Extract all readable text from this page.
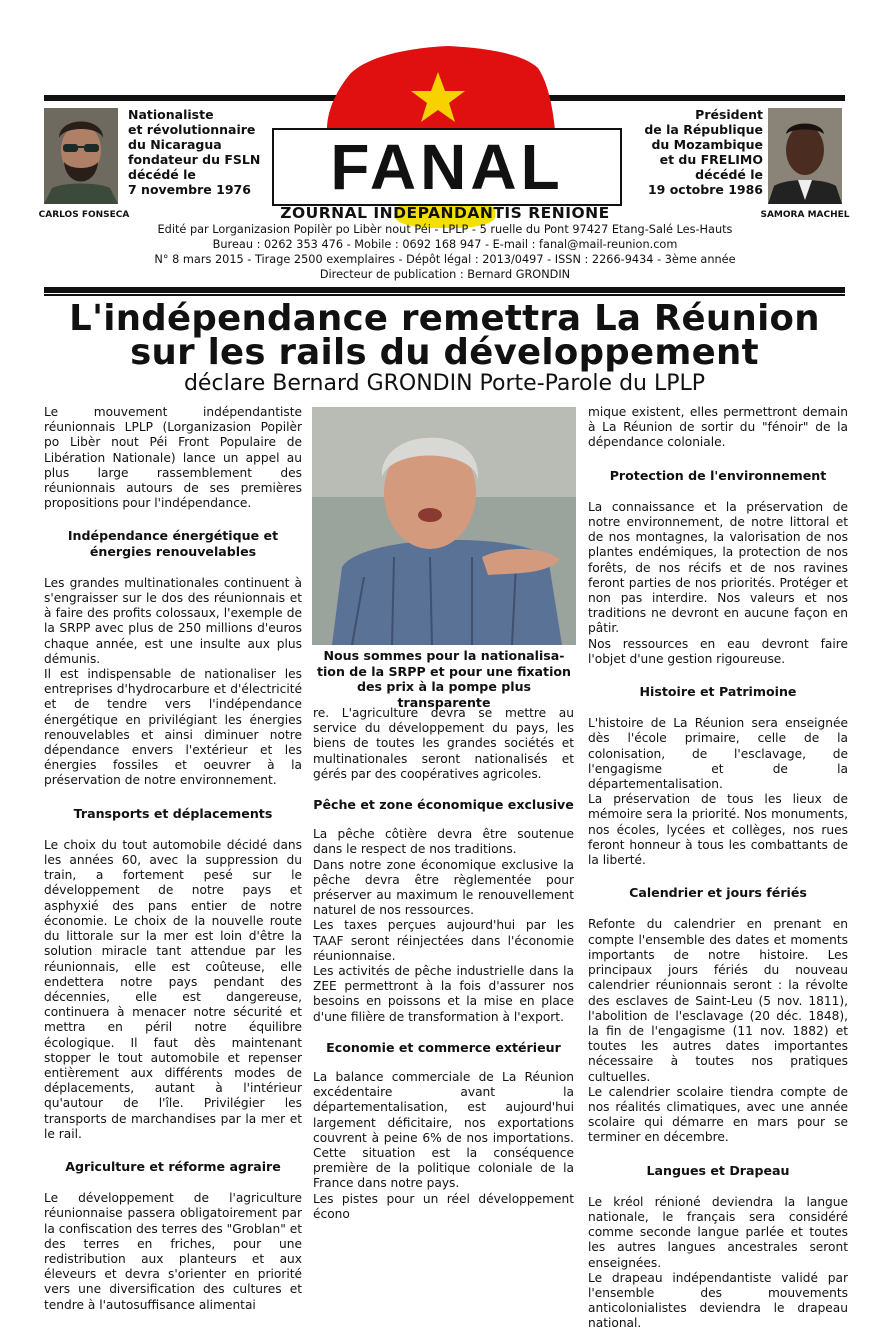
FANAL
ZOURNAL INDEPANDANTIS RENIONE
Edité par Lorganizasion Popilèr po Libèr nout Péi - LPLP - 5 ruelle du Pont 97427 Etang-Salé Les-Hauts
Bureau : 0262 353 476 - Mobile : 0692 168 947 - E-mail : fanal@mail-reunion.com
N° 8 mars 2015 - Tirage 2500 exemplaires - Dépôt légal : 2013/0497 - ISSN : 2266-9434 - 3ème année
Directeur de publication : Bernard GRONDIN
CARLOS FONSECA
Nationaliste
et révolutionnaire
du Nicaragua
fondateur du FSLN
décédé le
7 novembre 1976
SAMORA MACHEL
Président
de la République
du Mozambique
et du FRELIMO
décédé le
19 octobre 1986
L'indépendance remettra La Réunion
sur les rails du développement
déclare Bernard GRONDIN Porte-Parole du LPLP

Le mouvement indépendantiste réunionnais LPLP (Lorganizasion Popilèr po Libèr nout Péi Front Populaire de Libération Nationale) lance un appel au plus large rassemblement des réunionnais autours de ses premières propositions pour l'indépendance.

Indépendance énergétique et énergies renouvelables

Les grandes multinationales continuent à s'engraisser sur le dos des réunionnais et à faire des profits colossaux, l'exemple de la SRPP avec plus de 250 millions d'euros chaque année, est une insulte aux plus démunis.

Il est indispensable de nationaliser les entreprises d'hydrocarbure et d'électricité et de tendre vers l'indépendance énergétique en privilégiant les énergies renouvelables et ainsi diminuer notre dépendance envers l'extérieur et les énergies fossiles et oeuvrer à la préservation de notre environnement.

Transports et déplacements

Le choix du tout automobile décidé dans les années 60, avec la suppression du train, a fortement pesé sur le développement de notre pays et asphyxié des pans entier de notre économie. Le choix de la nouvelle route du littorale sur la mer est loin d'être la solution miracle tant attendue par les réunionnais, elle est coûteuse, elle endettera notre pays pendant des décennies, elle est dangereuse, continuera à menacer notre sécurité et mettra en péril notre équilibre écologique. Il faut dès maintenant stopper le tout automobile et repenser entièrement aux différents modes de déplacements, autant à l'intérieur qu'autour de l'île. Privilégier les transports de marchandises par la mer et le rail.

Agriculture et réforme agraire

Le développement de l'agriculture réunionnaise passera obligatoirement par la confiscation des terres des "Groblan" et des terres en friches, pour une redistribution aux planteurs et aux éleveurs et devra s'orienter en priorité vers une diversification des cultures et tendre à l'autosuffisance alimentai

Nous sommes pour la nationalisa-
tion de la SRPP et pour une fixation
des prix à la pompe plus
transparente

re. L'agriculture devra se mettre au service du développement du pays, les biens de toutes les grandes sociétés et multinationales seront nationalisés et gérés par des coopératives agricoles.

Pêche et zone économique exclusive

La pêche côtière devra être soutenue dans le respect de nos traditions.

Dans notre zone économique exclusive la pêche devra être règlementée pour préserver au maximum le renouvellement naturel de nos ressources.

Les taxes perçues aujourd'hui par les TAAF seront réinjectées dans l'économie réunionnaise.

Les activités de pêche industrielle dans la ZEE permettront à la fois d'assurer nos besoins en poissons et la mise en place d'une filière de transformation à l'export.

Economie et commerce extérieur

La balance commerciale de La Réunion excédentaire avant la départementalisation, est aujourd'hui largement déficitaire, nos exportations couvrent à peine 6% de nos importations. Cette situation est la conséquence première de la politique coloniale de la France dans notre pays.

Les pistes pour un réel développement écono

mique existent, elles permettront demain à La Réunion de sortir du "fénoir" de la dépendance coloniale.

Protection de l'environnement

La connaissance et la préservation de notre environnement, de notre littoral et de nos montagnes, la valorisation de nos plantes endémiques, la protection de nos forêts, de nos récifs et de nos ravines feront parties de nos priorités. Protéger et non pas interdire. Nos valeurs et nos traditions ne devront en aucune façon en pâtir.

Nos ressources en eau devront faire l'objet d'une gestion rigoureuse.

Histoire et Patrimoine

L'histoire de La Réunion sera enseignée dès l'école primaire, celle de la colonisation, de l'esclavage, de l'engagisme et de la départementalisation.

La préservation de tous les lieux de mémoire sera la priorité. Nos monuments, nos écoles, lycées et collèges, nos rues feront honneur à tous les combattants de la liberté.

Calendrier et jours fériés

Refonte du calendrier en prenant en compte l'ensemble des dates et moments importants de notre histoire. Les principaux jours fériés du nouveau calendrier réunionnais seront : la révolte des esclaves de Saint-Leu (5 nov. 1811), l'abolition de l'esclavage (20 déc. 1848), la fin de l'engagisme (11 nov. 1882) et toutes les autres dates importantes nécessaire à toutes nos pratiques cultuelles.

Le calendrier scolaire tiendra compte de nos réalités climatiques, avec une année scolaire qui démarre en mars pour se terminer en décembre.

Langues et Drapeau

Le kréol rénioné deviendra la langue nationale, le français sera considéré comme seconde langue parlée et toutes les autres langues ancestrales seront enseignées.

Le drapeau indépendantiste validé par l'ensemble des mouvements anticolonialistes deviendra le drapeau national.
